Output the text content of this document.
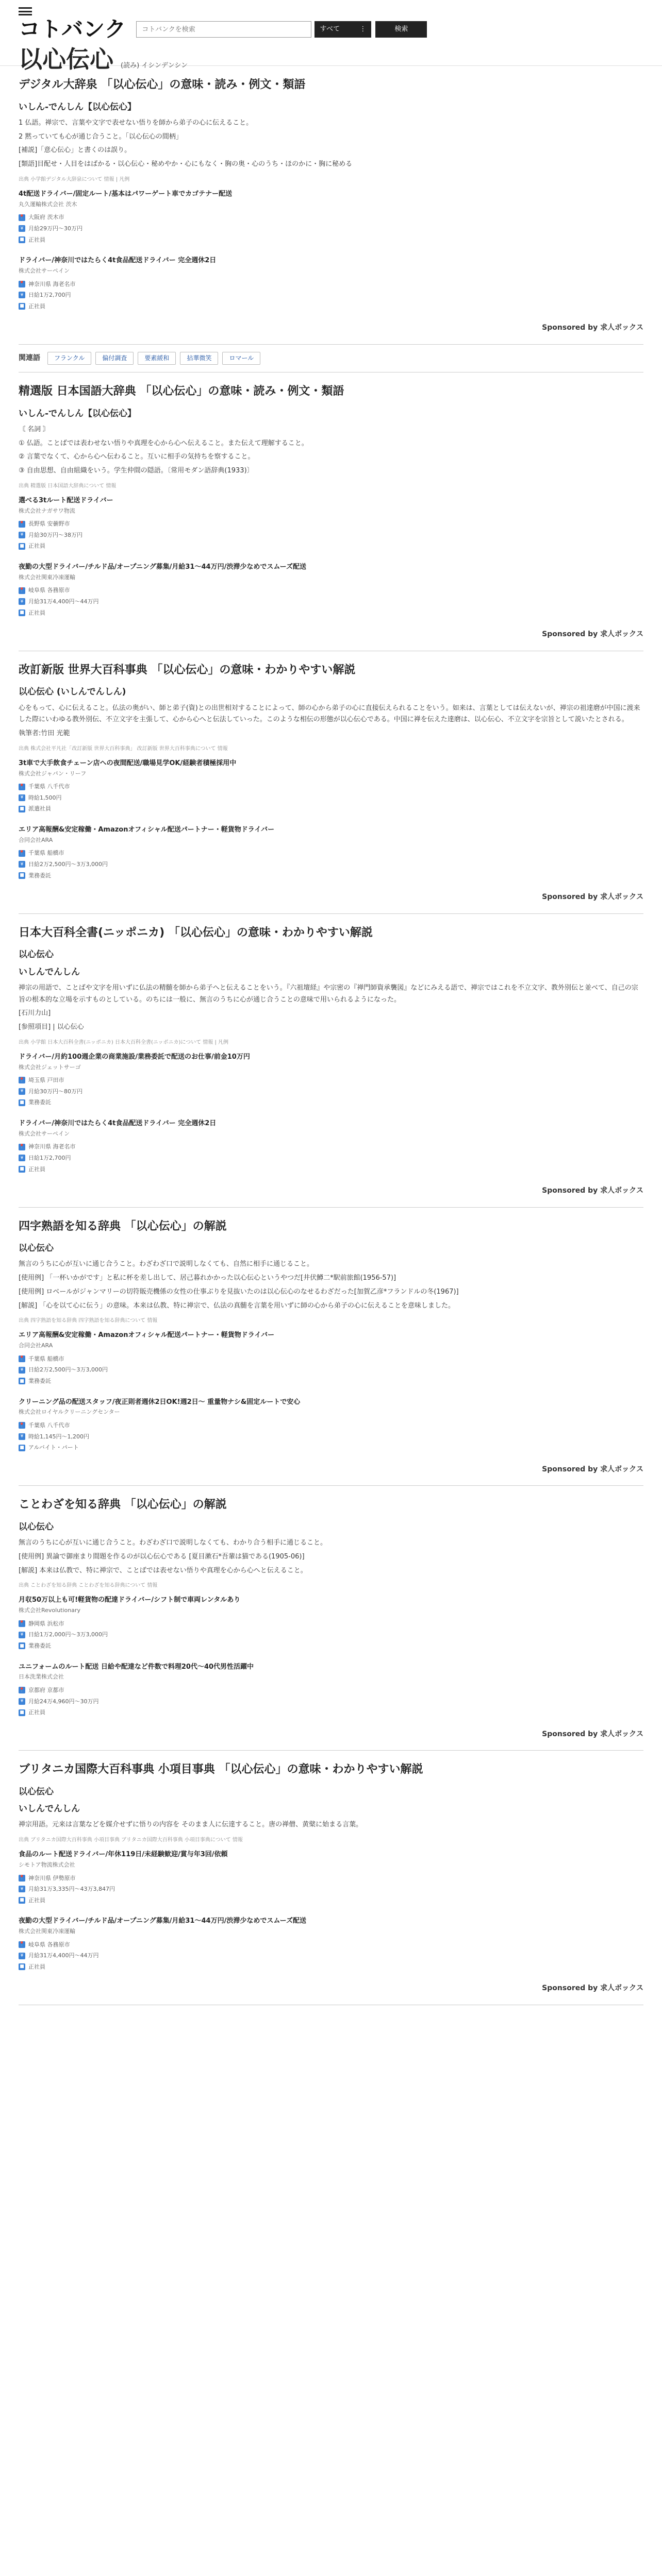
コトバンク
コトバンクを検索	すべて	⋮	検索
以心伝心 (読み) イシンデンシン
デジタル大辞泉 「以心伝心」の意味・読み・例文・類語
いしん‐でんしん【以心伝心】

1 仏語。禅宗で、言葉や文字で表せない悟りを師から弟子の心に伝えること。

2 黙っていても心が通じ合うこと。「以心伝心の間柄」

[補説]「意心伝心」と書くのは誤り。

[類語]目配せ・人目をはばかる・以心伝心・秘めやか・心にもなく・胸の奥・心のうち・ほのかに・胸に秘める

出典 小学館デジタル大辞泉について 情報 | 凡例
4t配送ドライバー/固定ルート/基本はパワーゲート車でカゴテナー配送
丸久運輸株式会社 茨木
📍 大阪府 茨木市
¥ 月給29万円〜30万円
■ 正社員
ドライバー/神奈川ではたらく4t食品配送ドライバー 完全週休2日
株式会社サーペイン
📍 神奈川県 海老名市
¥ 日給1万2,700円
■ 正社員
Sponsored by 求人ボックス
関連語	フランクル	偏付調査	要素緩和	拈華微笑	ロマール
精選版 日本国語大辞典 「以心伝心」の意味・読み・例文・類語
いしん‐でんしん【以心伝心】

〘 名詞 〙

① 仏語。ことばでは表わせない悟りや真理を心から心へ伝えること。また伝えて理解すること。

② 言葉でなくて、心から心へ伝わること。互いに相手の気持ちを察すること。

③ 自由思想、自由組織をいう。学生仲間の隠語。〔常用モダン語辞典(1933)〕

出典 精選版 日本国語大辞典について 情報
選べる3tルート配送ドライバー
株式会社ナガサワ物流
📍 長野県 安曇野市
¥ 月給30万円〜38万円
■ 正社員
夜勤の大型ドライバー/チルド品/オープニング募集/月給31〜44万円/渋滞少なめでスムーズ配送
株式会社関東冷凍運輸
📍 岐阜県 各務原市
¥ 月給31万4,400円〜44万円
■ 正社員
Sponsored by 求人ボックス
改訂新版 世界大百科事典 「以心伝心」の意味・わかりやすい解説
以心伝心 (いしんでんしん)

心をもって、心に伝えること。仏法の奥がい、師と弟子(資)との出世相対することによって、師の心から弟子の心に直接伝えられることをいう。如来は、言葉としては伝えないが、禅宗の祖達磨が中国に渡来した際にいわゆる教外別伝、不立文字を主張して、心から心へと伝法していった。このような相伝の形態が以心伝心である。中国に禅を伝えた達磨は、以心伝心、不立文字を宗旨として説いたとされる。

執筆者:竹田 光範

出典 株式会社平凡社「改訂新版 世界大百科事典」 改訂新版 世界大百科事典について 情報
3t車で大手飲食チェーン店への夜間配送/職場見学OK/経験者積極採用中
株式会社ジャパン・リーフ
📍 千葉県 八千代市
¥ 時給1,500円
■ 派遣社員
エリア高報酬&安定稼働・Amazonオフィシャル配送パートナー・軽貨物ドライバー
合同会社ARA
📍 千葉県 船橋市
¥ 日給2万2,500円〜3万3,000円
■ 業務委託
Sponsored by 求人ボックス
日本大百科全書(ニッポニカ) 「以心伝心」の意味・わかりやすい解説
以心伝心
いしんでんしん

禅宗の用語で、ことばや文字を用いずに仏法の精髄を師から弟子へと伝えることをいう。『六祖壇経』や宗密の『禅門師資承襲図』などにみえる語で、禅宗ではこれを不立文字、教外別伝と並べて、自己の宗旨の根本的な立場を示すものとしている。のちには一般に、無言のうちに心が通じ合うことの意味で用いられるようになった。

[石川力山]

[参照項目] | 以心伝心
出典 小学館 日本大百科全書(ニッポニカ) 日本大百科全書(ニッポニカ)について 情報 | 凡例
ドライバー/月約100週企業の商業施設/業務委託で配送のお仕事/前金10万円
株式会社ジェットサーゴ
📍 埼玉県 戸田市
¥ 月給30万円〜80万円
■ 業務委託
ドライバー/神奈川ではたらく4t食品配送ドライバー 完全週休2日
株式会社サーペイン
📍 神奈川県 海老名市
¥ 日給1万2,700円
■ 正社員
Sponsored by 求人ボックス
四字熟語を知る辞典 「以心伝心」の解説
以心伝心

無言のうちに心が互いに通じ合うこと。わざわざ口で説明しなくても、自然に相手に通じること。

[使用例] 「一杯いかがです」と私に杯を差し出して、居己暮れかかった以心伝心というやつだ[井伏鱒二*駅前旅館(1956-57)]

[使用例] ロベールがジャンマリーの切符販売機係の女性の仕事ぶりを見抜いたのは以心伝心のなせるわざだった[加賀乙彦*フランドルの冬(1967)]

[解説] 「心を以て心に伝う」の意味。本来は仏教、特に禅宗で、仏法の真髄を言葉を用いずに師の心から弟子の心に伝えることを意味しました。

出典 四字熟語を知る辞典 四字熟語を知る辞典について 情報
エリア高報酬&安定稼働・Amazonオフィシャル配送パートナー・軽貨物ドライバー
合同会社ARA
📍 千葉県 船橋市
¥ 日給2万2,500円〜3万3,000円
■ 業務委託
クリーニング品の配送スタッフ/夜正則者週休2日OK!週2日〜 重量物ナシ&固定ルートで安心
株式会社ロイヤルクリーニングセンター
📍 千葉県 八千代市
¥ 時給1,145円〜1,200円
■ アルバイト・パート
Sponsored by 求人ボックス
ことわざを知る辞典 「以心伝心」の解説
以心伝心

無言のうちに心が互いに通じ合うこと。わざわざ口で説明しなくても、わかり合う相手に通じること。

[使用例] 異論で御座まり間題を作るのが以心伝心である [夏目漱石*吾輩は猫である(1905-06)]

[解説] 本来は仏教で、特に禅宗で、ことばでは表せない悟りや真理を心から心へと伝えること。

出典 ことわざを知る辞典 ことわざを知る辞典について 情報
月収50万以上も可!軽貨物の配達ドライバー/シフト制で車両レンタルあり
株式会社Revolutionary
📍 静岡県 浜松市
¥ 日給1万2,000円〜3万3,000円
■ 業務委託
ユニフォームのルート配送 日給や配達など件数で料理20代〜40代男性活躍中
日本洗業株式会社
📍 京都府 京都市
¥ 月給24万4,960円〜30万円
■ 正社員
Sponsored by 求人ボックス
ブリタニカ国際大百科事典 小項目事典 「以心伝心」の意味・わかりやすい解説
以心伝心
いしんでんしん

禅宗用語。元来は言葉などを媒介せずに悟りの内容を そのまま人に伝達すること。唐の禅僧、黄檗に始まる言葉。

出典 ブリタニカ国際大百科事典 小項目事典 ブリタニカ国際大百科事典 小項目事典について 情報
食品のルート配送ドライバー/年休119日/未経験歓迎/賞与年3回/依頼
シモトア物流株式会社
📍 神奈川県 伊勢原市
¥ 月給31万3,335円〜43万3,847円
■ 正社員
夜勤の大型ドライバー/チルド品/オープニング募集/月給31〜44万円/渋滞少なめでスムーズ配送
株式会社関東冷凍運輸
📍 岐阜県 各務原市
¥ 月給31万4,400円〜44万円
■ 正社員
Sponsored by 求人ボックス
